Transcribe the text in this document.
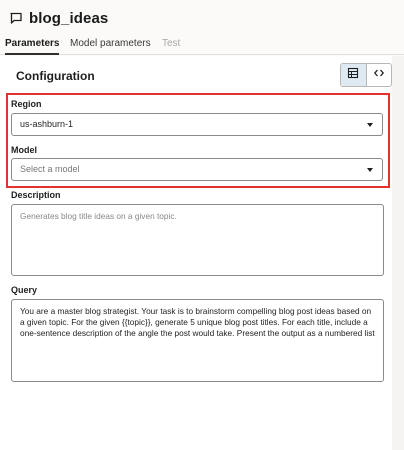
blog_ideas
Parameters Model parameters Test
Configuration
Region
us-ashburn-1
Model
Select a model
Description
Generates blog title ideas on a given topic.
Query
You are a master blog strategist. Your task is to brainstorm compelling blog post ideas based on a given topic. For the given {{topic}}, generate 5 unique blog post titles. For each title, include a one-sentence description of the angle the post would take. Present the output as a numbered list
